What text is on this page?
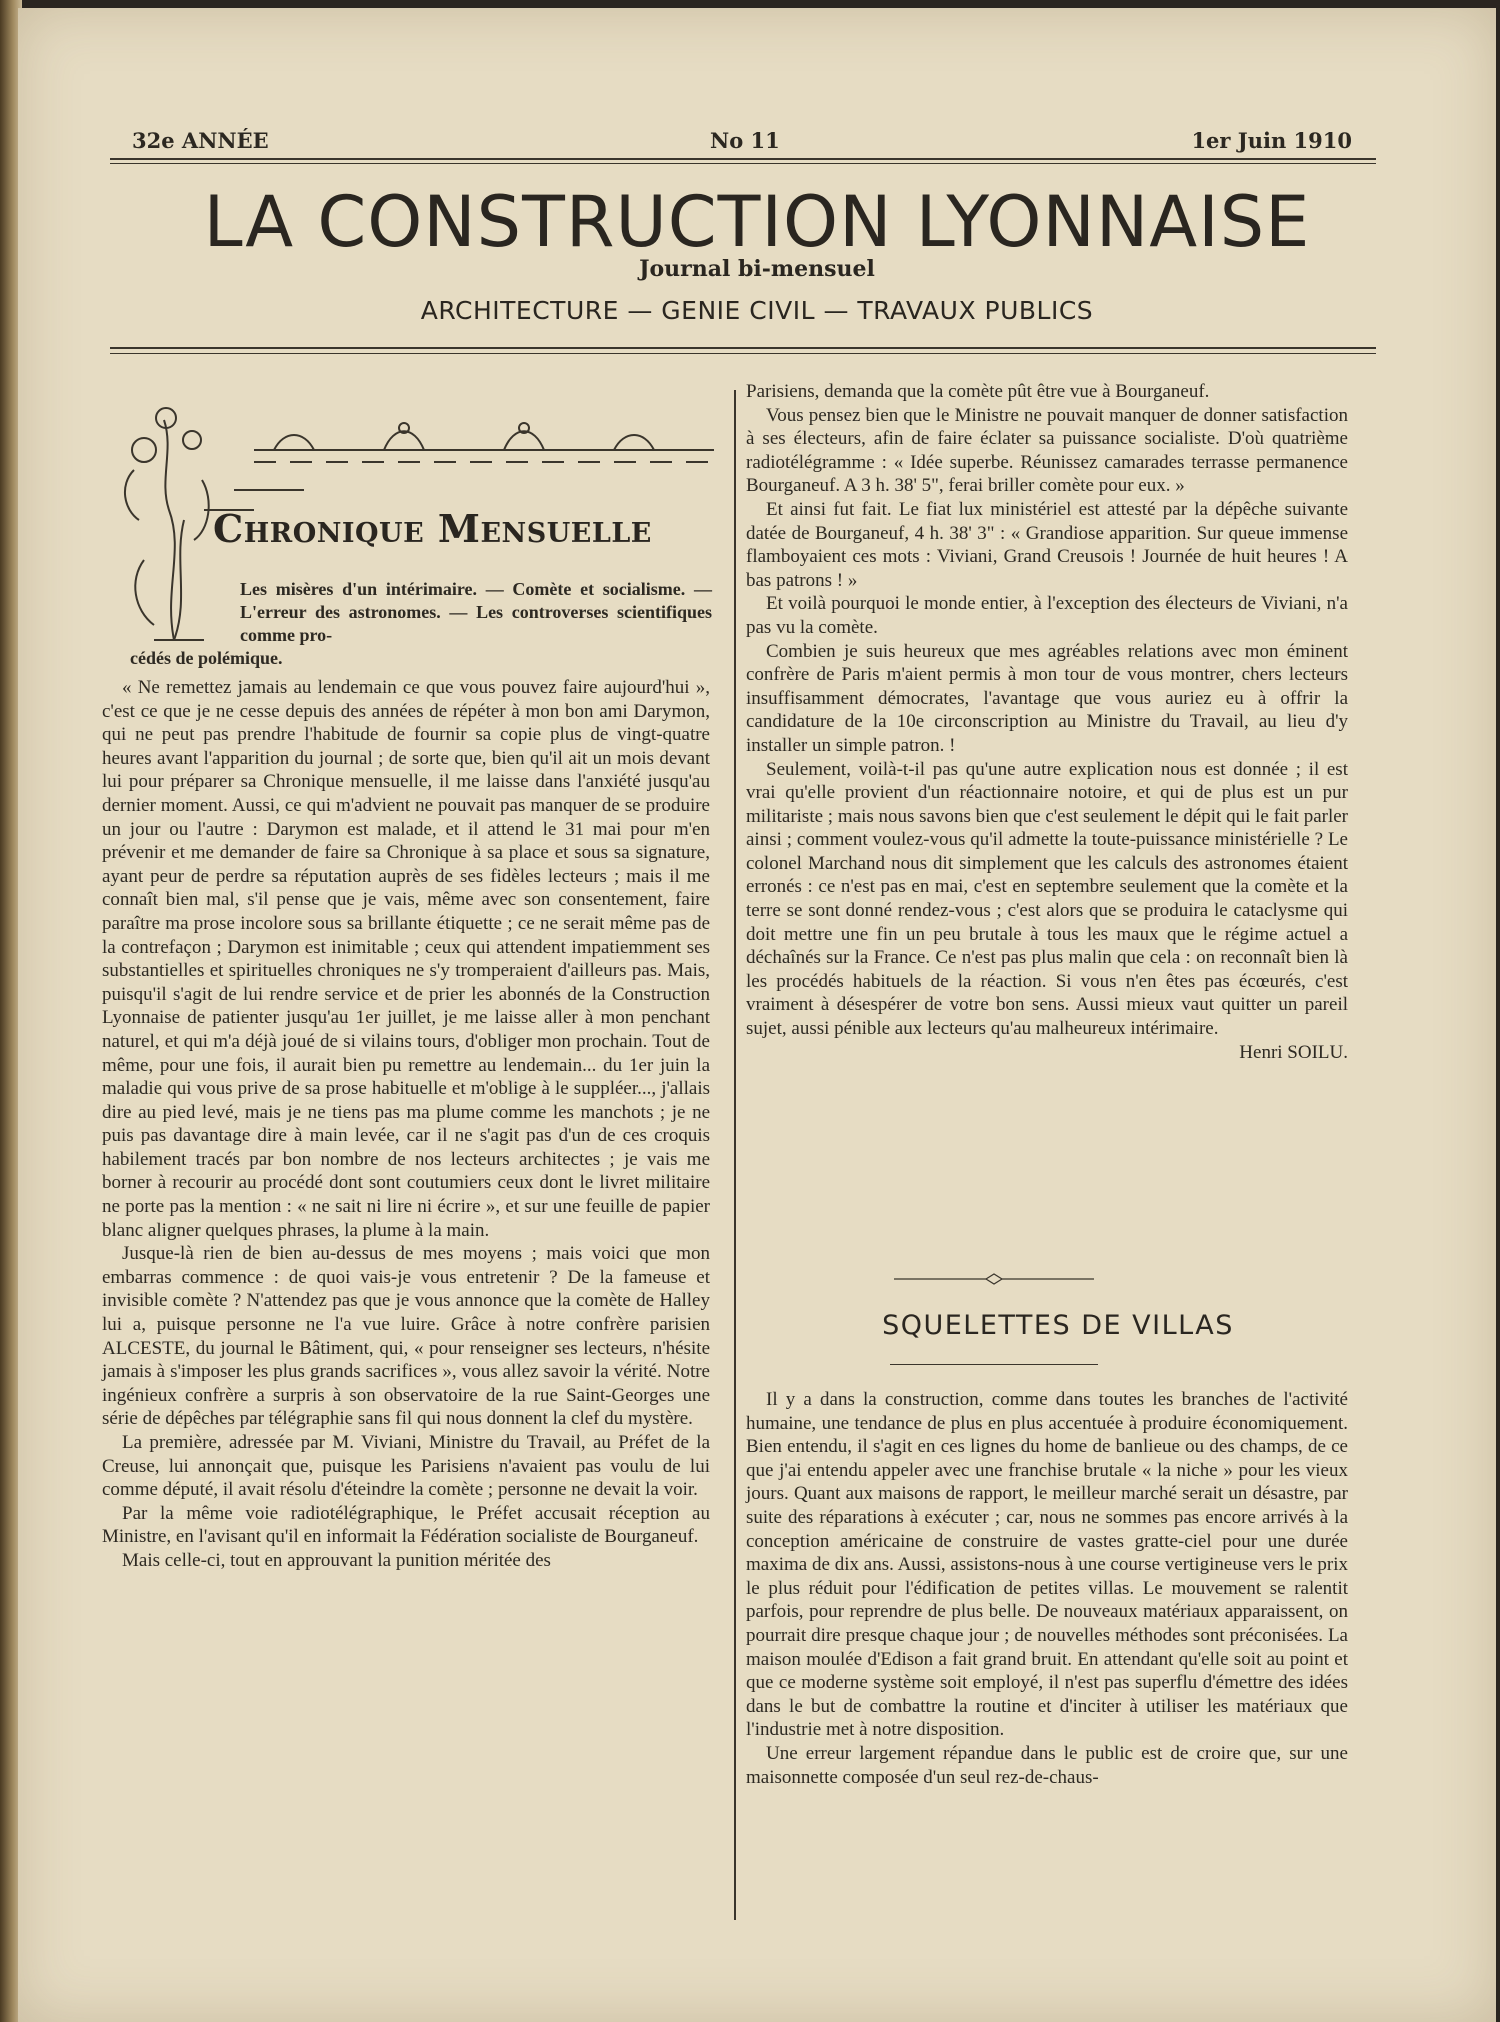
32e ANNÉE	No 11	1er Juin 1910
LA CONSTRUCTION LYONNAISE
Journal bi-mensuel
ARCHITECTURE — GENIE CIVIL — TRAVAUX PUBLICS
Chronique Mensuelle
Les misères d'un intérimaire. — Comète et socialisme. — L'erreur des astronomes. — Les controverses scientifiques comme pro-
cédés de polémique.

« Ne remettez jamais au lendemain ce que vous pouvez faire aujourd'hui », c'est ce que je ne cesse depuis des années de répéter à mon bon ami Darymon, qui ne peut pas prendre l'habitude de fournir sa copie plus de vingt-quatre heures avant l'apparition du journal ; de sorte que, bien qu'il ait un mois devant lui pour préparer sa Chronique mensuelle, il me laisse dans l'anxiété jusqu'au dernier moment. Aussi, ce qui m'advient ne pouvait pas manquer de se produire un jour ou l'autre : Darymon est malade, et il attend le 31 mai pour m'en prévenir et me demander de faire sa Chronique à sa place et sous sa signature, ayant peur de perdre sa réputation auprès de ses fidèles lecteurs ; mais il me connaît bien mal, s'il pense que je vais, même avec son consentement, faire paraître ma prose incolore sous sa brillante étiquette ; ce ne serait même pas de la contrefaçon ; Darymon est inimitable ; ceux qui attendent impatiemment ses substantielles et spirituelles chroniques ne s'y tromperaient d'ailleurs pas. Mais, puisqu'il s'agit de lui rendre service et de prier les abonnés de la Construction Lyonnaise de patienter jusqu'au 1er juillet, je me laisse aller à mon penchant naturel, et qui m'a déjà joué de si vilains tours, d'obliger mon prochain. Tout de même, pour une fois, il aurait bien pu remettre au lendemain... du 1er juin la maladie qui vous prive de sa prose habituelle et m'oblige à le suppléer..., j'allais dire au pied levé, mais je ne tiens pas ma plume comme les manchots ; je ne puis pas davantage dire à main levée, car il ne s'agit pas d'un de ces croquis habilement tracés par bon nombre de nos lecteurs architectes ; je vais me borner à recourir au procédé dont sont coutumiers ceux dont le livret militaire ne porte pas la mention : « ne sait ni lire ni écrire », et sur une feuille de papier blanc aligner quelques phrases, la plume à la main.

Jusque-là rien de bien au-dessus de mes moyens ; mais voici que mon embarras commence : de quoi vais-je vous entretenir ? De la fameuse et invisible comète ? N'attendez pas que je vous annonce que la comète de Halley lui a, puisque personne ne l'a vue luire. Grâce à notre confrère parisien ALCESTE, du journal le Bâtiment, qui, « pour renseigner ses lecteurs, n'hésite jamais à s'imposer les plus grands sacrifices », vous allez savoir la vérité. Notre ingénieux confrère a surpris à son observatoire de la rue Saint-Georges une série de dépêches par télégraphie sans fil qui nous donnent la clef du mystère.

La première, adressée par M. Viviani, Ministre du Travail, au Préfet de la Creuse, lui annonçait que, puisque les Parisiens n'avaient pas voulu de lui comme député, il avait résolu d'éteindre la comète ; personne ne devait la voir.

Par la même voie radiotélégraphique, le Préfet accusait réception au Ministre, en l'avisant qu'il en informait la Fédération socialiste de Bourganeuf.

Mais celle-ci, tout en approuvant la punition méritée des

Parisiens, demanda que la comète pût être vue à Bourganeuf.

Vous pensez bien que le Ministre ne pouvait manquer de donner satisfaction à ses électeurs, afin de faire éclater sa puissance socialiste. D'où quatrième radiotélégramme : « Idée superbe. Réunissez camarades terrasse permanence Bourganeuf. A 3 h. 38' 5", ferai briller comète pour eux. »

Et ainsi fut fait. Le fiat lux ministériel est attesté par la dépêche suivante datée de Bourganeuf, 4 h. 38' 3" : « Grandiose apparition. Sur queue immense flamboyaient ces mots : Viviani, Grand Creusois ! Journée de huit heures ! A bas patrons ! »

Et voilà pourquoi le monde entier, à l'exception des électeurs de Viviani, n'a pas vu la comète.

Combien je suis heureux que mes agréables relations avec mon éminent confrère de Paris m'aient permis à mon tour de vous montrer, chers lecteurs insuffisamment démocrates, l'avantage que vous auriez eu à offrir la candidature de la 10e circonscription au Ministre du Travail, au lieu d'y installer un simple patron. !

Seulement, voilà-t-il pas qu'une autre explication nous est donnée ; il est vrai qu'elle provient d'un réactionnaire notoire, et qui de plus est un pur militariste ; mais nous savons bien que c'est seulement le dépit qui le fait parler ainsi ; comment voulez-vous qu'il admette la toute-puissance ministérielle ? Le colonel Marchand nous dit simplement que les calculs des astronomes étaient erronés : ce n'est pas en mai, c'est en septembre seulement que la comète et la terre se sont donné rendez-vous ; c'est alors que se produira le cataclysme qui doit mettre une fin un peu brutale à tous les maux que le régime actuel a déchaînés sur la France. Ce n'est pas plus malin que cela : on reconnaît bien là les procédés habituels de la réaction. Si vous n'en êtes pas écœurés, c'est vraiment à désespérer de votre bon sens. Aussi mieux vaut quitter un pareil sujet, aussi pénible aux lecteurs qu'au malheureux intérimaire.

Henri SOILU.
SQUELETTES DE VILLAS

Il y a dans la construction, comme dans toutes les branches de l'activité humaine, une tendance de plus en plus accentuée à produire économiquement. Bien entendu, il s'agit en ces lignes du home de banlieue ou des champs, de ce que j'ai entendu appeler avec une franchise brutale « la niche » pour les vieux jours. Quant aux maisons de rapport, le meilleur marché serait un désastre, par suite des réparations à exécuter ; car, nous ne sommes pas encore arrivés à la conception américaine de construire de vastes gratte-ciel pour une durée maxima de dix ans. Aussi, assistons-nous à une course vertigineuse vers le prix le plus réduit pour l'édification de petites villas. Le mouvement se ralentit parfois, pour reprendre de plus belle. De nouveaux matériaux apparaissent, on pourrait dire presque chaque jour ; de nouvelles méthodes sont préconisées. La maison moulée d'Edison a fait grand bruit. En attendant qu'elle soit au point et que ce moderne système soit employé, il n'est pas superflu d'émettre des idées dans le but de combattre la routine et d'inciter à utiliser les matériaux que l'industrie met à notre disposition.

Une erreur largement répandue dans le public est de croire que, sur une maisonnette composée d'un seul rez-de-chaus-
